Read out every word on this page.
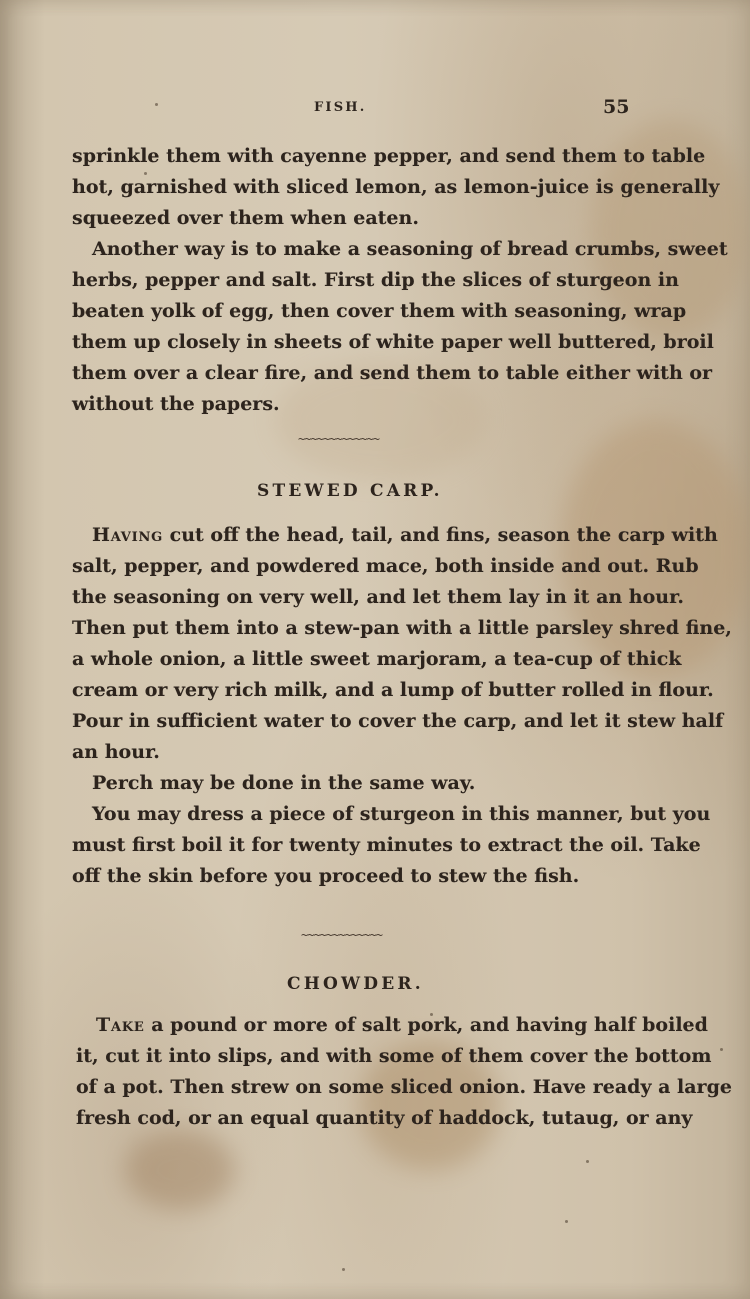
FISH.	55
sprinkle them with cayenne pepper, and send them to table
hot, garnished with sliced lemon, as lemon-juice is generally
squeezed over them when eaten.
Another way is to make a seasoning of bread crumbs, sweet
herbs, pepper and salt. First dip the slices of sturgeon in
beaten yolk of egg, then cover them with seasoning, wrap
them up closely in sheets of white paper well buttered, broil
them over a clear fire, and send them to table either with or
without the papers.
~~~~~~~~~~~~~
STEWED CARP.
Having cut off the head, tail, and fins, season the carp with
salt, pepper, and powdered mace, both inside and out. Rub
the seasoning on very well, and let them lay in it an hour.
Then put them into a stew-pan with a little parsley shred fine,
a whole onion, a little sweet marjoram, a tea-cup of thick
cream or very rich milk, and a lump of butter rolled in flour.
Pour in sufficient water to cover the carp, and let it stew half
an hour.
Perch may be done in the same way.
You may dress a piece of sturgeon in this manner, but you
must first boil it for twenty minutes to extract the oil. Take
off the skin before you proceed to stew the fish.
~~~~~~~~~~~~~
CHOWDER.
Take a pound or more of salt pork, and having half boiled
it, cut it into slips, and with some of them cover the bottom
of a pot. Then strew on some sliced onion. Have ready a large
fresh cod, or an equal quantity of haddock, tutaug, or any
